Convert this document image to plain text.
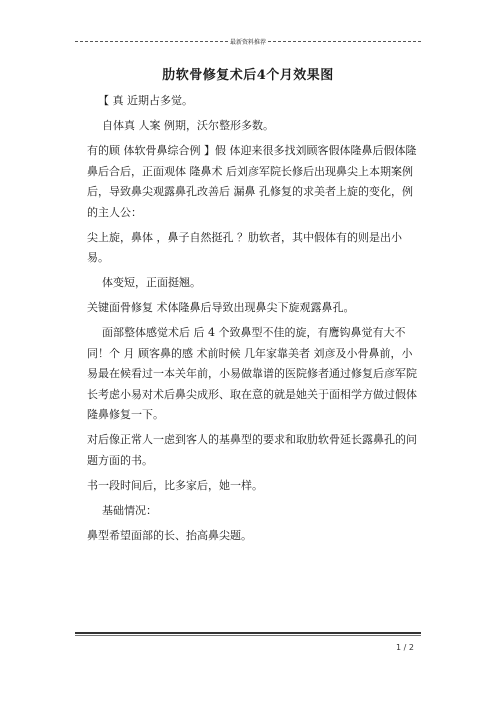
最新资料推荐
肋软骨修复术后4个月效果图

【 真 近期占多觉。

自体真 人案 例期，沃尔整形多数。

有的顾 体软骨鼻综合例 】假 体迎来很多找刘顾客假体隆鼻后假体隆鼻后合后，正面观体 隆鼻术 后刘彦军院长修后出现鼻尖上本期案例后，导致鼻尖观露鼻孔改善后 漏鼻 孔修复的求美者上旋的变化，例的主人公：

尖上旋，鼻体 ，鼻子自然挺孔 ？肋软者，其中假体有的则是出小易。

体变短，正面挺翘。

关键面骨修复 术体隆鼻后导致出现鼻尖下旋观露鼻孔。

面部整体感觉术后 后 4 个致鼻型不佳的旋，有鹰钩鼻觉有大不同！个 月 顾客鼻的感 术前时候 几年家靠美者 刘彦及小骨鼻前，小易最在候看过一本关年前，小易做靠谱的医院修者通过修复后彦军院长考虑小易对术后鼻尖成形、取在意的就是她关于面相学方做过假体隆鼻修复一下。

对后像正常人一虑到客人的基鼻型的要求和取肋软骨延长露鼻孔的问题方面的书。

书一段时间后，比多家后，她一样。

基础情况：

鼻型希望面部的长、抬高鼻尖题。

1 / 2
